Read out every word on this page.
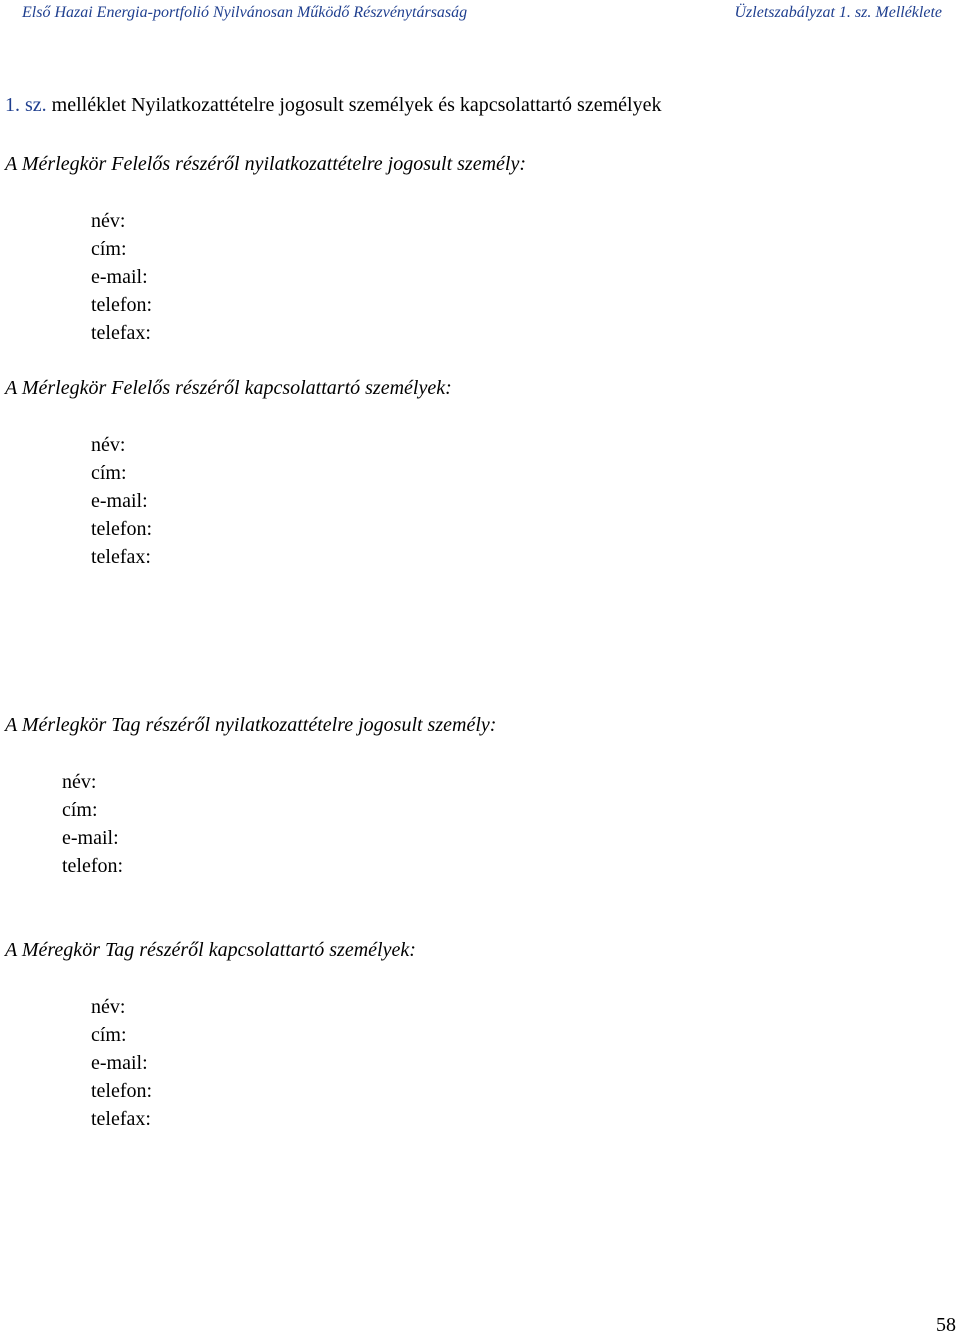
Első Hazai Energia-portfolió Nyilvánosan Működő Részvénytársaság	Üzletszabályzat 1. sz. Melléklete
1. sz. melléklet Nyilatkozattételre jogosult személyek és kapcsolattartó személyek
A Mérlegkör Felelős részéről nyilatkozattételre jogosult személy:
név:
cím:
e-mail:
telefon:
telefax:
A Mérlegkör Felelős részéről kapcsolattartó személyek:
név:
cím:
e-mail:
telefon:
telefax:
A Mérlegkör Tag részéről nyilatkozattételre jogosult személy:
név:
cím:
e-mail:
telefon:
A Méregkör Tag részéről kapcsolattartó személyek:
név:
cím:
e-mail:
telefon:
telefax:
58
